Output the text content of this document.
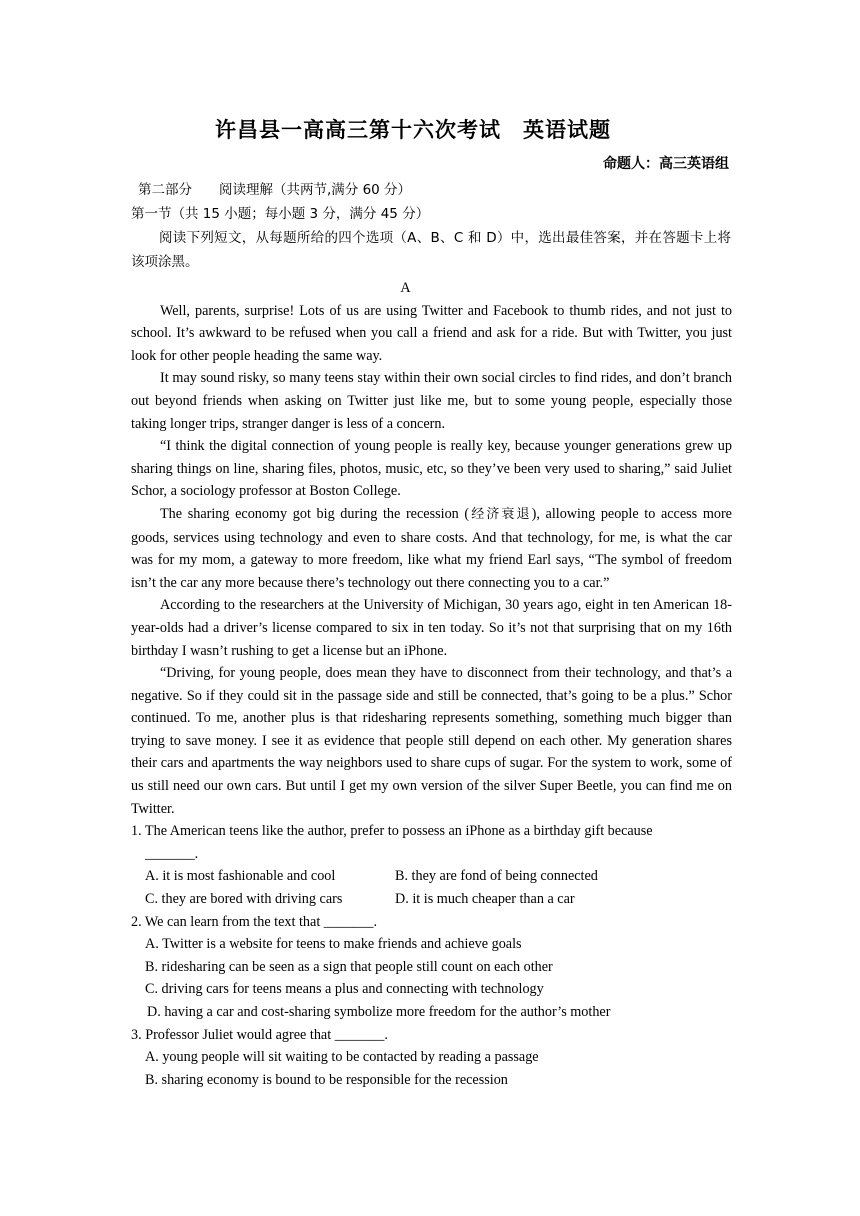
许昌县一高高三第十六次考试　英语试题
命题人：高三英语组
第二部分　　阅读理解（共两节,满分 60 分）
第一节（共 15 小题；每小题 3 分，满分 45 分）
阅读下列短文，从每题所给的四个选项（A、B、C 和 D）中，选出最佳答案，并在答题卡上将该项涂黑。
A

Well, parents, surprise! Lots of us are using Twitter and Facebook to thumb rides, and not just to school. It’s awkward to be refused when you call a friend and ask for a ride. But with Twitter, you just look for other people heading the same way.

It may sound risky, so many teens stay within their own social circles to find rides, and don’t branch out beyond friends when asking on Twitter just like me, but to some young people, especially those taking longer trips, stranger danger is less of a concern.

“I think the digital connection of young people is really key, because younger generations grew up sharing things on line, sharing files, photos, music, etc, so they’ve been very used to sharing,” said Juliet Schor, a sociology professor at Boston College.

The sharing economy got big during the recession (经济衰退), allowing people to access more goods, services using technology and even to share costs. And that technology, for me, is what the car was for my mom, a gateway to more freedom, like what my friend Earl says, “The symbol of freedom isn’t the car any more because there’s technology out there connecting you to a car.”

According to the researchers at the University of Michigan, 30 years ago, eight in ten American 18-year-olds had a driver’s license compared to six in ten today. So it’s not that surprising that on my 16th birthday I wasn’t rushing to get a license but an iPhone.

“Driving, for young people, does mean they have to disconnect from their technology, and that’s a negative. So if they could sit in the passage side and still be connected, that’s going to be a plus.” Schor continued. To me, another plus is that ridesharing represents something, something much bigger than trying to save money. I see it as evidence that people still depend on each other. My generation shares their cars and apartments the way neighbors used to share cups of sugar. For the system to work, some of us still need our own cars. But until I get my own version of the silver Super Beetle, you can find me on Twitter.

1. The American teens like the author, prefer to possess an iPhone as a birthday gift because
_______.
A. it is most fashionable and cool	B. they are fond of being connected
C. they are bored with driving cars	D. it is much cheaper than a car
2. We can learn from the text that _______.
A. Twitter is a website for teens to make friends and achieve goals
B. ridesharing can be seen as a sign that people still count on each other
C. driving cars for teens means a plus and connecting with technology
D. having a car and cost-sharing symbolize more freedom for the author’s mother
3. Professor Juliet would agree that _______.
A. young people will sit waiting to be contacted by reading a passage
B. sharing economy is bound to be responsible for the recession
